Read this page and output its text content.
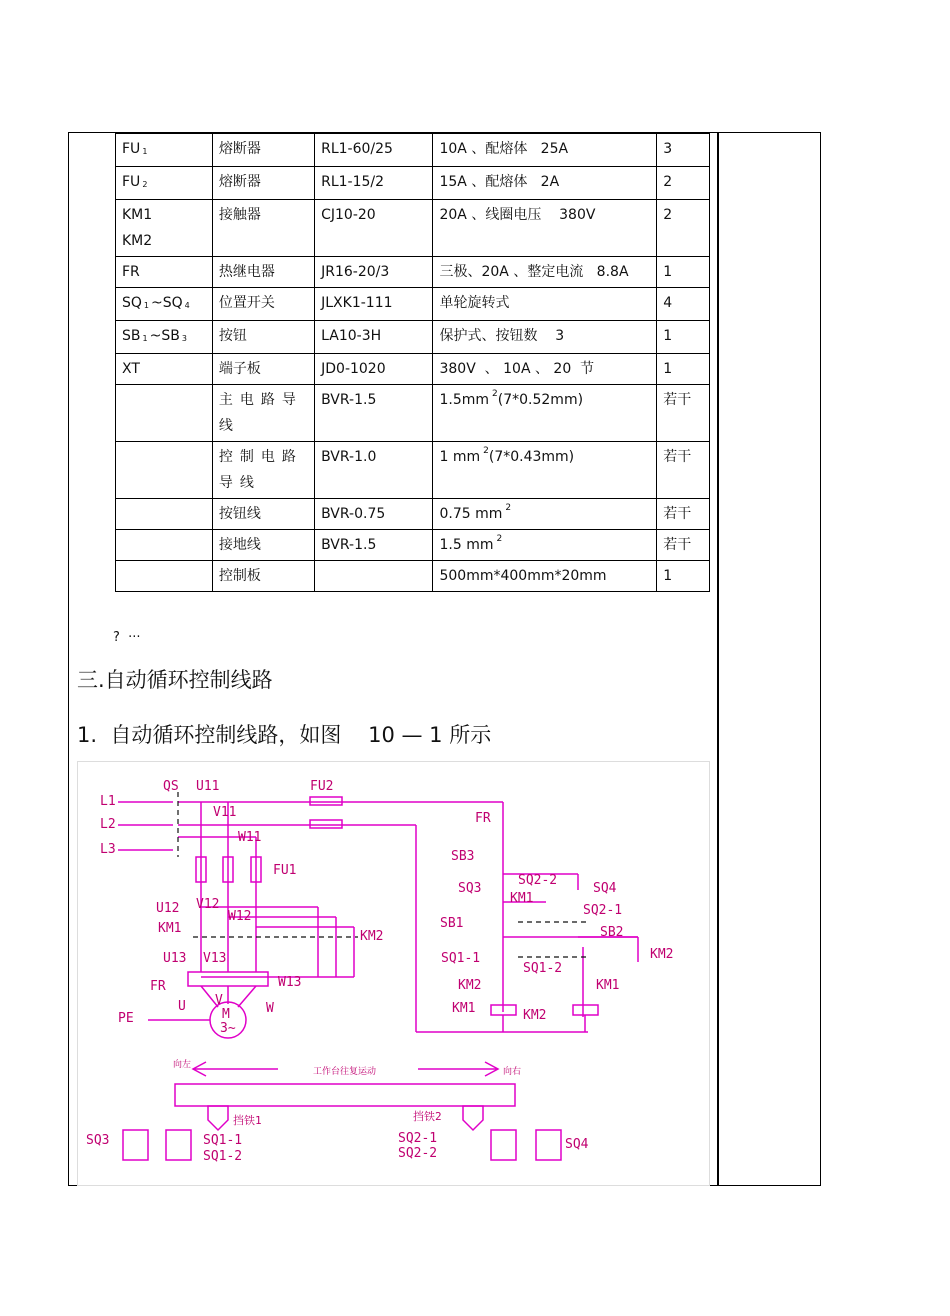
FU $_1$	熔断器	RL1-60/25	10A 、配熔体   25A	3
FU $_2$	熔断器	RL1-15/2	15A 、配熔体   2A	2

KM1
KM2	接触器	CJ10-20	20A 、线圈电压    380V	2
FR	热继电器	JR16-20/3	三极、20A 、整定电流   8.8A	1
SQ $_1$ ~SQ $_4$	位置开关	JLXK1-111	单轮旋转式	4
SB $_1$ ~SB $_3$	按钮	LA10-3H	保护式、按钮数    3	1
XT	端子板	JD0-1020	380V  、 10A 、 20  节	1
	主电路导线	BVR-1.5	1.5mm $^2$(7*0.52mm)	若干
	控制电路导线	BVR-1.0	1 mm $^2$(7*0.43mm)	若干
	按钮线	BVR-0.75	0.75 mm $^2$	若干
	接地线	BVR-1.5	1.5 mm $^2$	若干
	控制板		500mm*400mm*20mm	1
?  ···
三.自动循环控制线路
1.  自动循环控制线路，如图    10 — 1 所示
L1
L2
L3
QS U11
V11
W11
FU2
FU1
U12 V12
W12
KM1
KM2
U13 V13
W13
FR
PE
U V
W
M
3~
FR
SB3
SQ3
SQ2-2
SQ4
KM1
SQ2-1
SB1
SB2
KM2
SQ1-1
SQ1-2
KM2	KM1
KM1	KM2
向左
向右
工作台往复运动
挡铁1	挡铁2
SQ3	SQ1-1
SQ1-2
SQ2-1
SQ2-2
SQ4
